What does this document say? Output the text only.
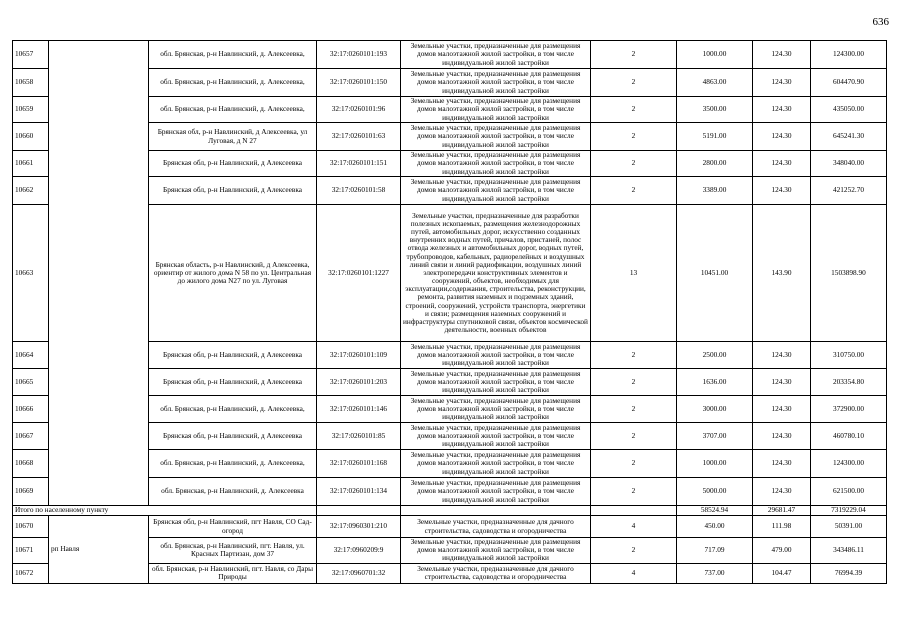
636
10657		обл. Брянская, р-н Навлинский, д. Алексеевка,	32:17:0260101:193	Земельные участки, предназначенные для размещения домов малоэтажной жилой застройки, в том числе индивидуальной жилой застройки	2	1000.00	124.30	124300.00
10658		обл. Брянская, р-н Навлинский, д. Алексеевка,	32:17:0260101:150	Земельные участки, предназначенные для размещения домов малоэтажной жилой застройки, в том числе индивидуальной жилой застройки	2	4863.00	124.30	604470.90
10659		обл. Брянская, р-н Навлинский, д. Алексеевка,	32:17:0260101:96	Земельные участки, предназначенные для размещения домов малоэтажной жилой застройки, в том числе индивидуальной жилой застройки	2	3500.00	124.30	435050.00
10660		Брянская обл, р-н Навлинский, д Алексеевка, ул Луговая, д N 27	32:17:0260101:63	Земельные участки, предназначенные для размещения домов малоэтажной жилой застройки, в том числе индивидуальной жилой застройки	2	5191.00	124.30	645241.30
10661		Брянская обл, р-н Навлинский, д Алексеевка	32:17:0260101:151	Земельные участки, предназначенные для размещения домов малоэтажной жилой застройки, в том числе индивидуальной жилой застройки	2	2800.00	124.30	348040.00
10662		Брянская обл, р-н Навлинский, д Алексеевка	32:17:0260101:58	Земельные участки, предназначенные для размещения домов малоэтажной жилой застройки, в том числе индивидуальной жилой застройки	2	3389.00	124.30	421252.70
10663		Брянская область, р-н Навлинский, д Алексеевка, ориентир от жилого дома N 58 по ул. Центральная до жилого дома N27 по ул. Луговая	32:17:0260101:1227	Земельные участки, предназначенные для разработки полезных ископаемых, размещения железнодорожных путей, автомобильных дорог, искусственно созданных внутренних водных путей, причалов, пристаней, полос отвода железных и автомобильных дорог, водных путей, трубопроводов, кабельных, радиорелейных и воздушных линий связи и линий радиофикации, воздушных линий электропередачи конструктивных элементов и сооружений, объектов, необходимых для эксплуатации,содержания, строительства, реконструкции, ремонта, развития наземных и подземных зданий, строений, сооружений, устройств транспорта, энергетики и связи; размещения наземных сооружений и инфраструктуры спутниковой связи, объектов космической деятельности, военных объектов	13	10451.00	143.90	1503898.90
10664		Брянская обл, р-н Навлинский, д Алексеевка	32:17:0260101:109	Земельные участки, предназначенные для размещения домов малоэтажной жилой застройки, в том числе индивидуальной жилой застройки	2	2500.00	124.30	310750.00
10665		Брянская обл, р-н Навлинский, д Алексеевка	32:17:0260101:203	Земельные участки, предназначенные для размещения домов малоэтажной жилой застройки, в том числе индивидуальной жилой застройки	2	1636.00	124.30	203354.80
10666		обл. Брянская, р-н Навлинский, д. Алексеевка,	32:17:0260101:146	Земельные участки, предназначенные для размещения домов малоэтажной жилой застройки, в том числе индивидуальной жилой застройки	2	3000.00	124.30	372900.00
10667		Брянская обл, р-н Навлинский, д Алексеевка	32:17:0260101:85	Земельные участки, предназначенные для размещения домов малоэтажной жилой застройки, в том числе индивидуальной жилой застройки	2	3707.00	124.30	460780.10
10668		обл. Брянская, р-н Навлинский, д. Алексеевка,	32:17:0260101:168	Земельные участки, предназначенные для размещения домов малоэтажной жилой застройки, в том числе индивидуальной жилой застройки	2	1000.00	124.30	124300.00
10669		обл. Брянская, р-н Навлинский, д. Алексеевка	32:17:0260101:134	Земельные участки, предназначенные для размещения домов малоэтажной жилой застройки, в том числе индивидуальной жилой застройки	2	5000.00	124.30	621500.00
Итого по населенному пункту						58524.94	29681.47	7319229.04
10670	рп Навля	Брянская обл, р-н Навлинский, пгт Навля, СО Сад-огород	32:17:0960301:210	Земельные участки, предназначенные для дачного строительства, садоводства и огородничества	4	450.00	111.98	50391.00
10671		обл. Брянская, р-н Навлинский, пгт. Навля, ул. Красных Партизан, дом 37	32:17:0960209:9	Земельные участки, предназначенные для размещения домов малоэтажной жилой застройки, в том числе индивидуальной жилой застройки	2	717.09	479.00	343486.11
10672		обл. Брянская, р-н Навлинский, пгт. Навля, со Дары Природы	32:17:0960701:32	Земельные участки, предназначенные для дачного строительства, садоводства и огородничества	4	737.00	104.47	76994.39
